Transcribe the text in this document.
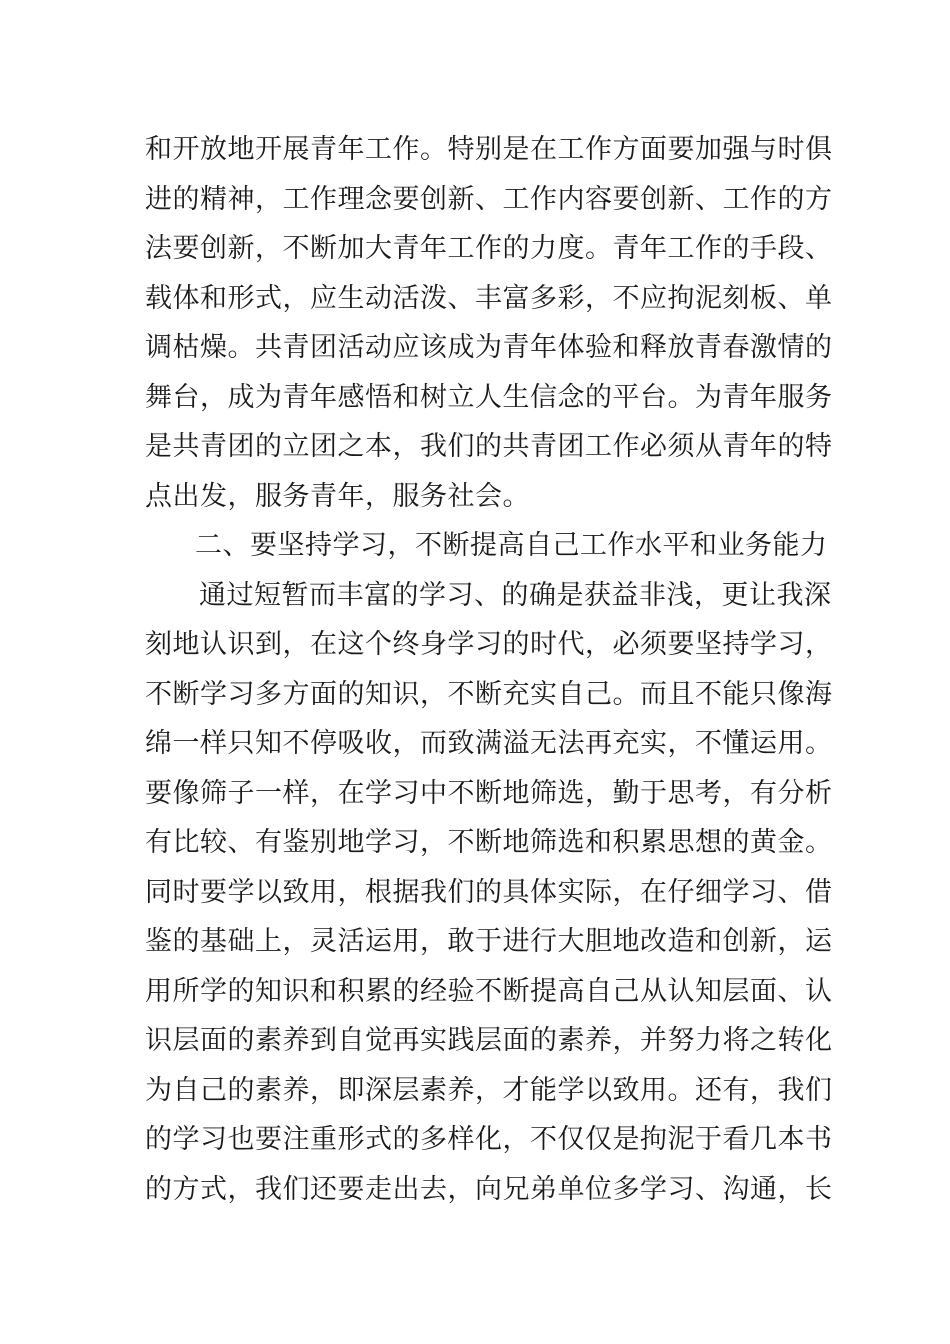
和开放地开展青年工作。特别是在工作方面要加强与时俱
进的精神，工作理念要创新、工作内容要创新、工作的方
法要创新，不断加大青年工作的力度。青年工作的手段、
载体和形式，应生动活泼、丰富多彩，不应拘泥刻板、单
调枯燥。共青团活动应该成为青年体验和释放青春激情的
舞台，成为青年感悟和树立人生信念的平台。为青年服务
是共青团的立团之本，我们的共青团工作必须从青年的特
点出发，服务青年，服务社会。
二、要坚持学习，不断提高自己工作水平和业务能力
通过短暂而丰富的学习、的确是获益非浅，更让我深
刻地认识到，在这个终身学习的时代，必须要坚持学习，
不断学习多方面的知识，不断充实自己。而且不能只像海
绵一样只知不停吸收，而致满溢无法再充实，不懂运用。
要像筛子一样，在学习中不断地筛选，勤于思考，有分析
有比较、有鉴别地学习，不断地筛选和积累思想的黄金。
同时要学以致用，根据我们的具体实际，在仔细学习、借
鉴的基础上，灵活运用，敢于进行大胆地改造和创新，运
用所学的知识和积累的经验不断提高自己从认知层面、认
识层面的素养到自觉再实践层面的素养，并努力将之转化
为自己的素养，即深层素养，才能学以致用。还有，我们
的学习也要注重形式的多样化，不仅仅是拘泥于看几本书
的方式，我们还要走出去，向兄弟单位多学习、沟通，长
